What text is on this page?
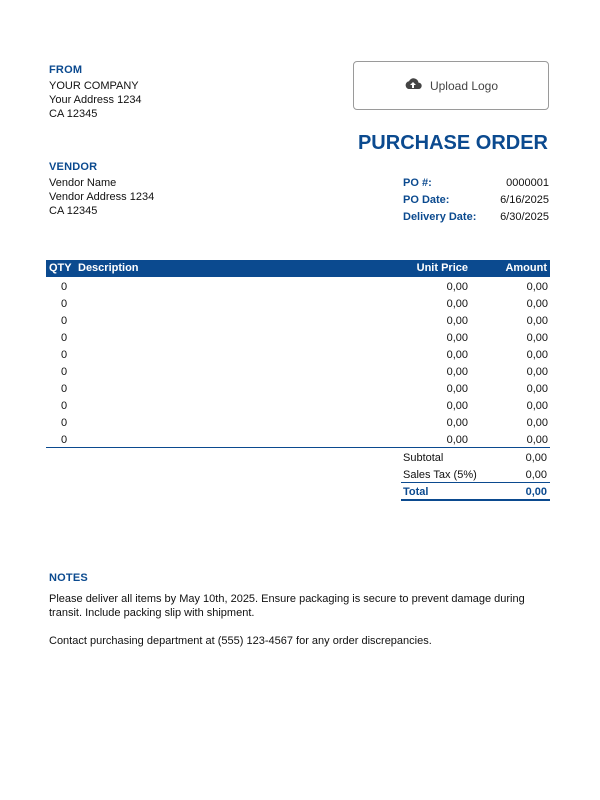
FROM
YOUR COMPANY
Your Address 1234
CA 12345
Upload Logo
PURCHASE ORDER
VENDOR
Vendor Name
Vendor Address 1234
CA 12345
PO #:	0000001
PO Date:	6/16/2025
Delivery Date: 6/30/2025
QTY Description	Unit Price	Amount
0	0,00	0,00
0	0,00	0,00
0	0,00	0,00
0	0,00	0,00
0	0,00	0,00
0	0,00	0,00
0	0,00	0,00
0	0,00	0,00
0	0,00	0,00
0	0,00	0,00
Subtotal	0,00
Sales Tax (5%)	0,00
Total	0,00
NOTES
Please deliver all items by May 10th, 2025. Ensure packaging is secure to prevent damage during transit. Include packing slip with shipment.
Contact purchasing department at (555) 123-4567 for any order discrepancies.
